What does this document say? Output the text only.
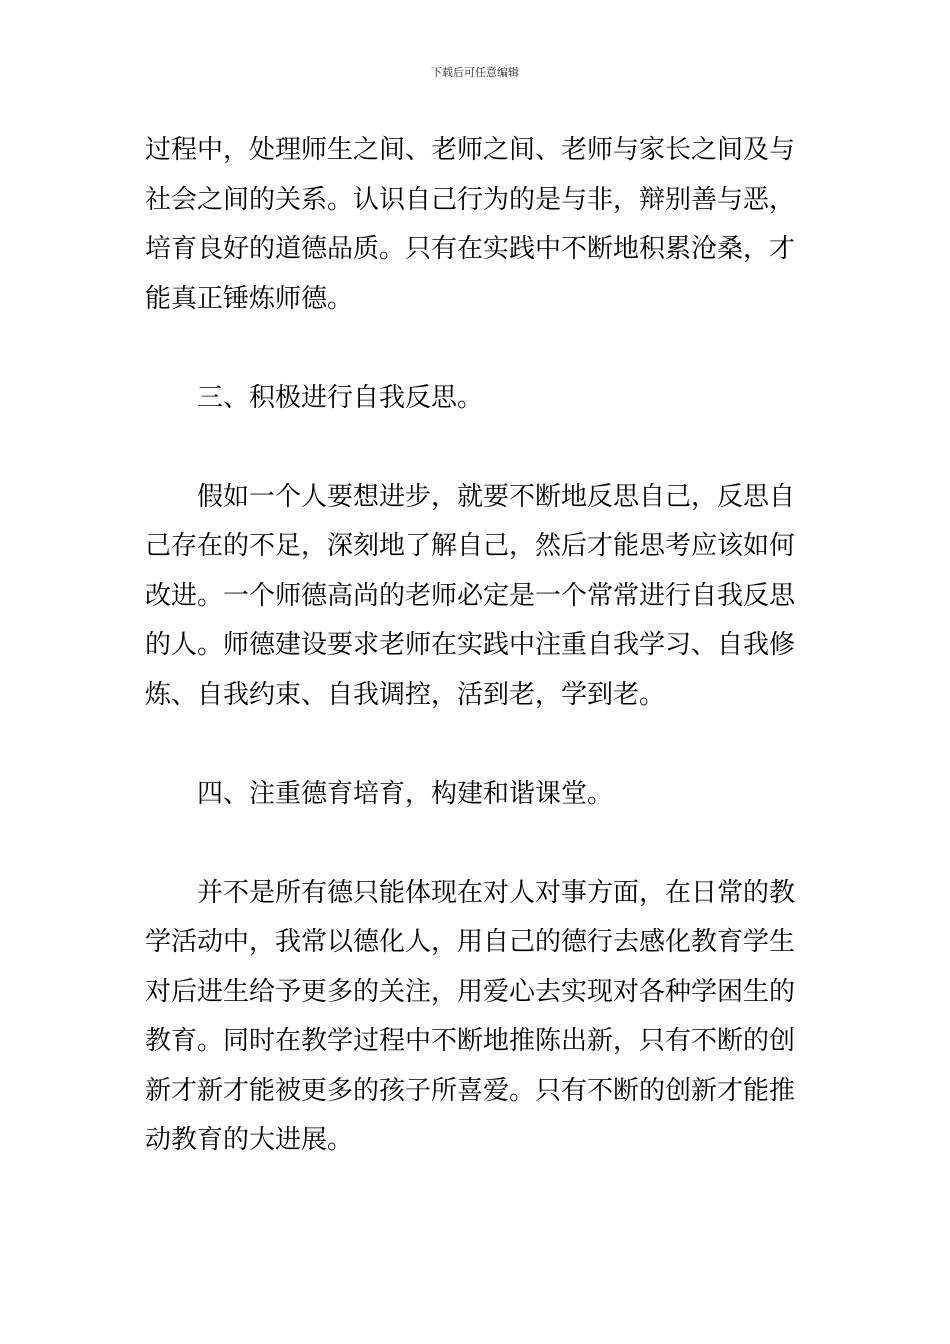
下载后可任意编辑
过程中，处理师生之间、老师之间、老师与家长之间及与
社会之间的关系。认识自己行为的是与非，辩别善与恶，
培育良好的道德品质。只有在实践中不断地积累沧桑，才
能真正锤炼师德。
三、积极进行自我反思。
假如一个人要想进步，就要不断地反思自己，反思自
己存在的不足，深刻地了解自己，然后才能思考应该如何
改进。一个师德高尚的老师必定是一个常常进行自我反思
的人。师德建设要求老师在实践中注重自我学习、自我修
炼、自我约束、自我调控，活到老，学到老。
四、注重德育培育，构建和谐课堂。
并不是所有德只能体现在对人对事方面，在日常的教
学活动中，我常以德化人，用自己的德行去感化教育学生
对后进生给予更多的关注，用爱心去实现对各种学困生的
教育。同时在教学过程中不断地推陈出新，只有不断的创
新才新才能被更多的孩子所喜爱。只有不断的创新才能推
动教育的大进展。
